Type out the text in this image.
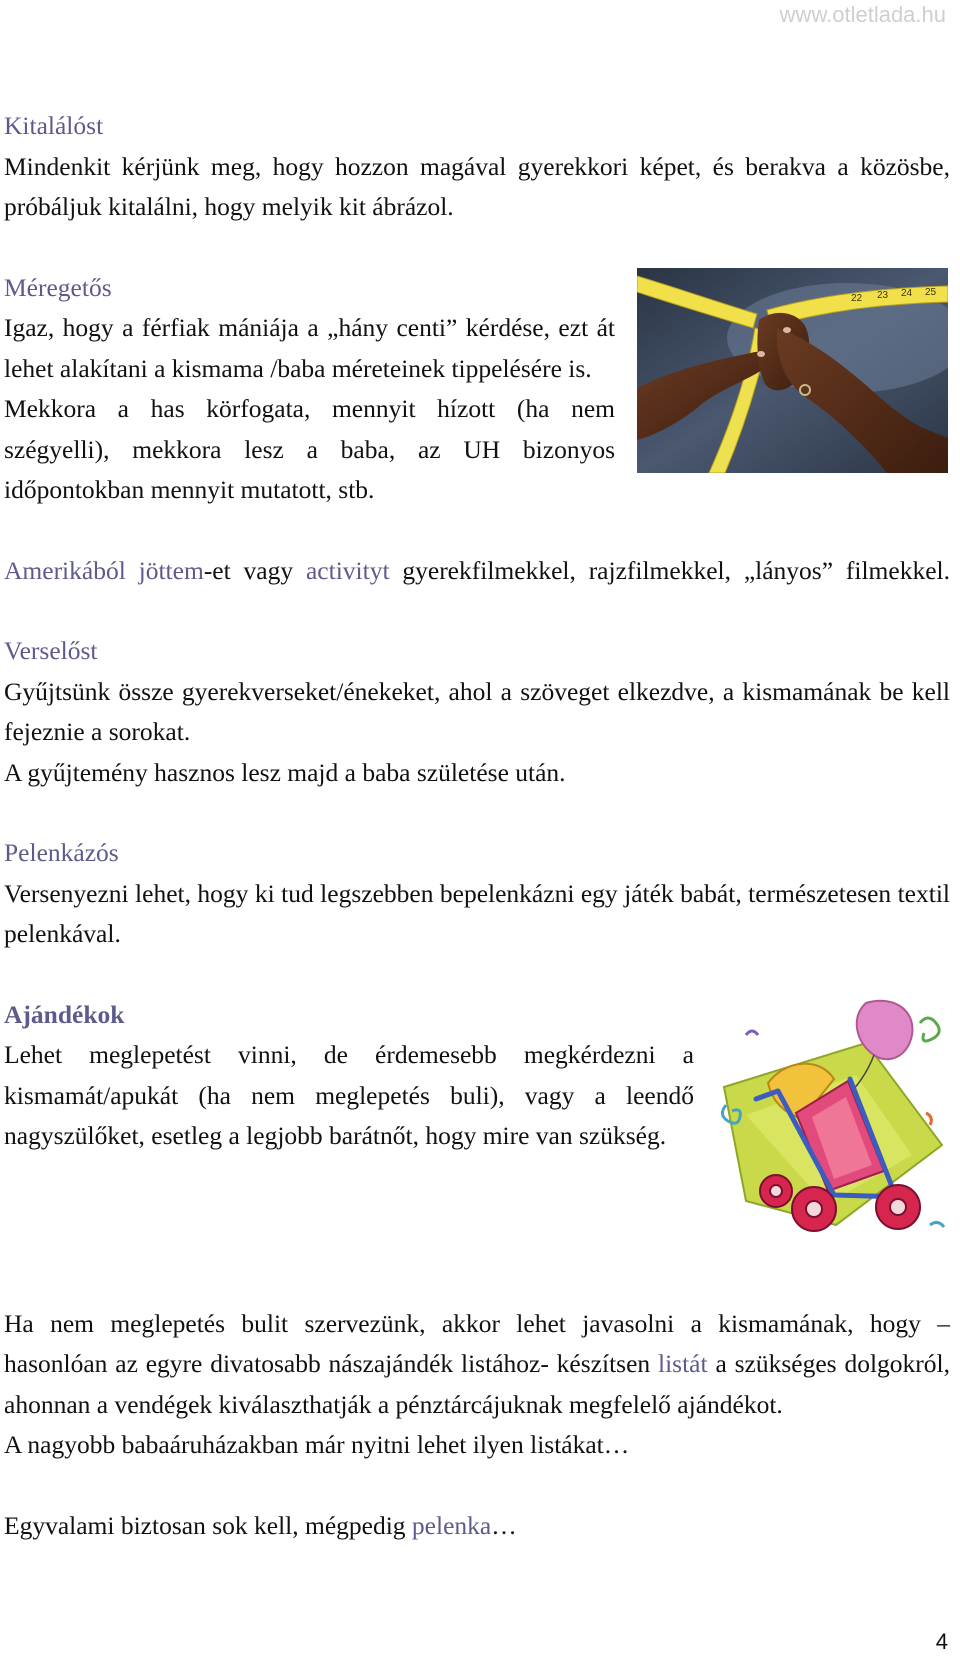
www.otletlada.hu

Kitalálóst

Mindenkit kérjünk meg, hogy hozzon magával gyerekkori képet, és berakva a közösbe, próbáljuk kitalálni, hogy melyik kit ábrázol.

22 23 24 25

Méregetős

Igaz, hogy a férfiak mániája a „hány centi” kérdése, ezt át lehet alakítani a kismama /baba méreteinek tippelésére is.

Mekkora a has körfogata, mennyit hízott (ha nem szégyelli), mekkora lesz a baba, az UH bizonyos időpontokban mennyit mutatott, stb.

Amerikából jöttem-et vagy activityt gyerekfilmekkel, rajzfilmekkel, „lányos” filmekkel.

Verselőst

Gyűjtsünk össze gyerekverseket/énekeket, ahol a szöveget elkezdve, a kismamának be kell fejeznie a sorokat.

A gyűjtemény hasznos lesz majd a baba születése után.

Pelenkázós

Versenyezni lehet, hogy ki tud legszebben bepelenkázni egy játék babát, természetesen textil pelenkával.

Ajándékok

Lehet meglepetést vinni, de érdemesebb megkérdezni a kismamát/apukát (ha nem meglepetés buli), vagy a leendő nagyszülőket, esetleg a legjobb barátnőt, hogy mire van szükség.

Ha nem meglepetés bulit szervezünk, akkor lehet javasolni a kismamának, hogy – hasonlóan az egyre divatosabb nászajándék listához- készítsen listát a szükséges dolgokról, ahonnan a vendégek kiválaszthatják a pénztárcájuknak megfelelő ajándékot.

A nagyobb babaáruházakban már nyitni lehet ilyen listákat…

Egyvalami biztosan sok kell, mégpedig pelenka…

4
